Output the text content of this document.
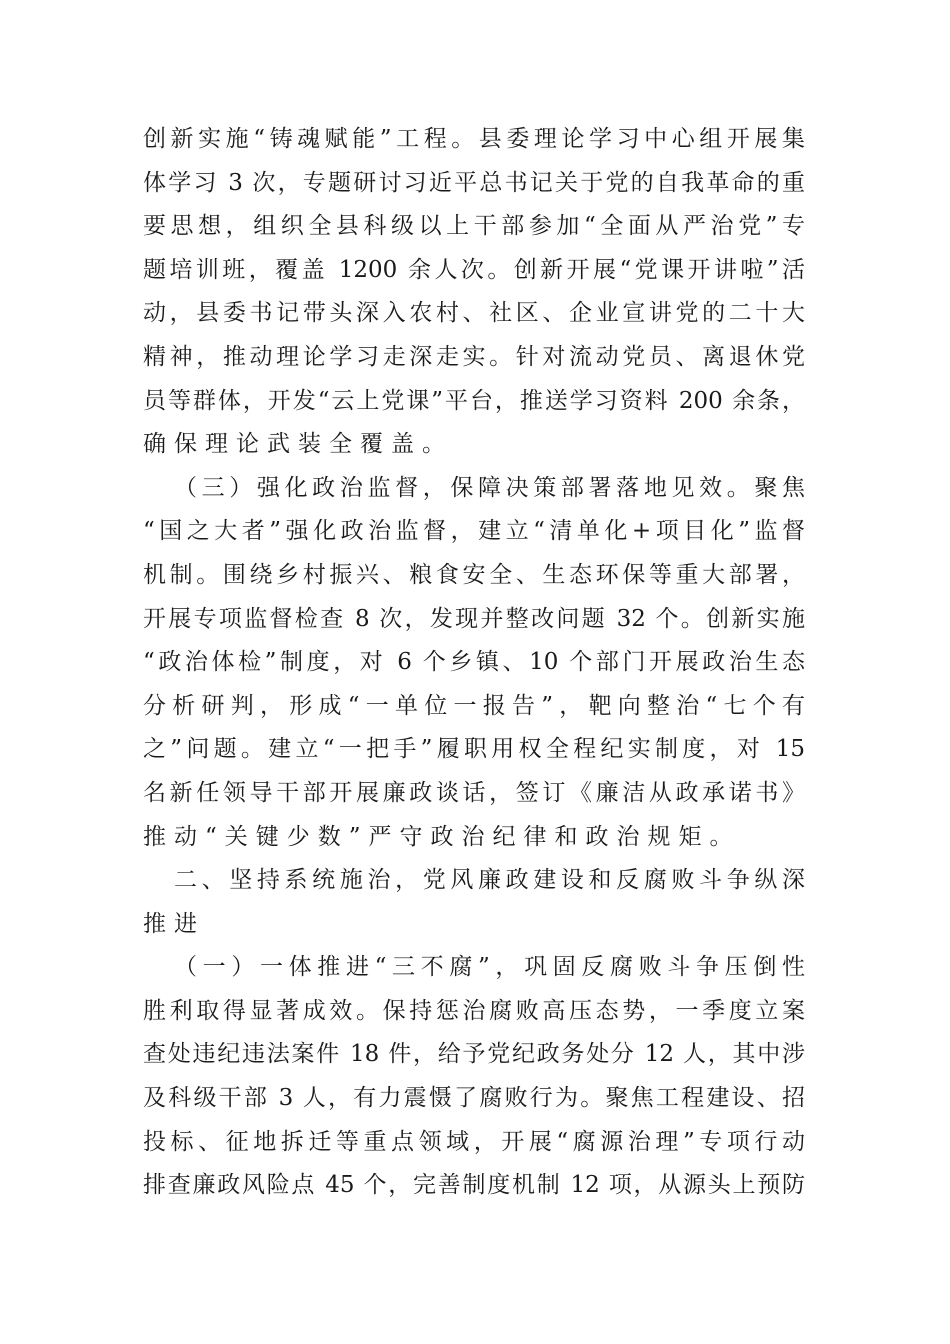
创新实施“铸魂赋能”工程。县委理论学习中心组开展集
体学习 3 次，专题研讨习近平总书记关于党的自我革命的重
要思想，组织全县科级以上干部参加“全面从严治党”专
题培训班，覆盖 1200 余人次。创新开展“党课开讲啦”活
动，县委书记带头深入农村、社区、企业宣讲党的二十大
精神，推动理论学习走深走实。针对流动党员、离退休党
员等群体，开发“云上党课”平台，推送学习资料 200 余条，
确保理论武装全覆盖。
（三）强化政治监督，保障决策部署落地见效。聚焦
“国之大者”强化政治监督，建立“清单化+项目化”监督
机制。围绕乡村振兴、粮食安全、生态环保等重大部署，
开展专项监督检查 8 次，发现并整改问题 32 个。创新实施
“政治体检”制度，对 6 个乡镇、10 个部门开展政治生态
分析研判，形成“一单位一报告”，靶向整治“七个有
之”问题。建立“一把手”履职用权全程纪实制度，对 15
名新任领导干部开展廉政谈话，签订《廉洁从政承诺书》
推动“关键少数”严守政治纪律和政治规矩。
二、坚持系统施治，党风廉政建设和反腐败斗争纵深
推进
（一）一体推进“三不腐”，巩固反腐败斗争压倒性
胜利取得显著成效。保持惩治腐败高压态势，一季度立案
查处违纪违法案件 18 件，给予党纪政务处分 12 人，其中涉
及科级干部 3 人，有力震慑了腐败行为。聚焦工程建设、招
投标、征地拆迁等重点领域，开展“腐源治理”专项行动
排查廉政风险点 45 个，完善制度机制 12 项，从源头上预防
